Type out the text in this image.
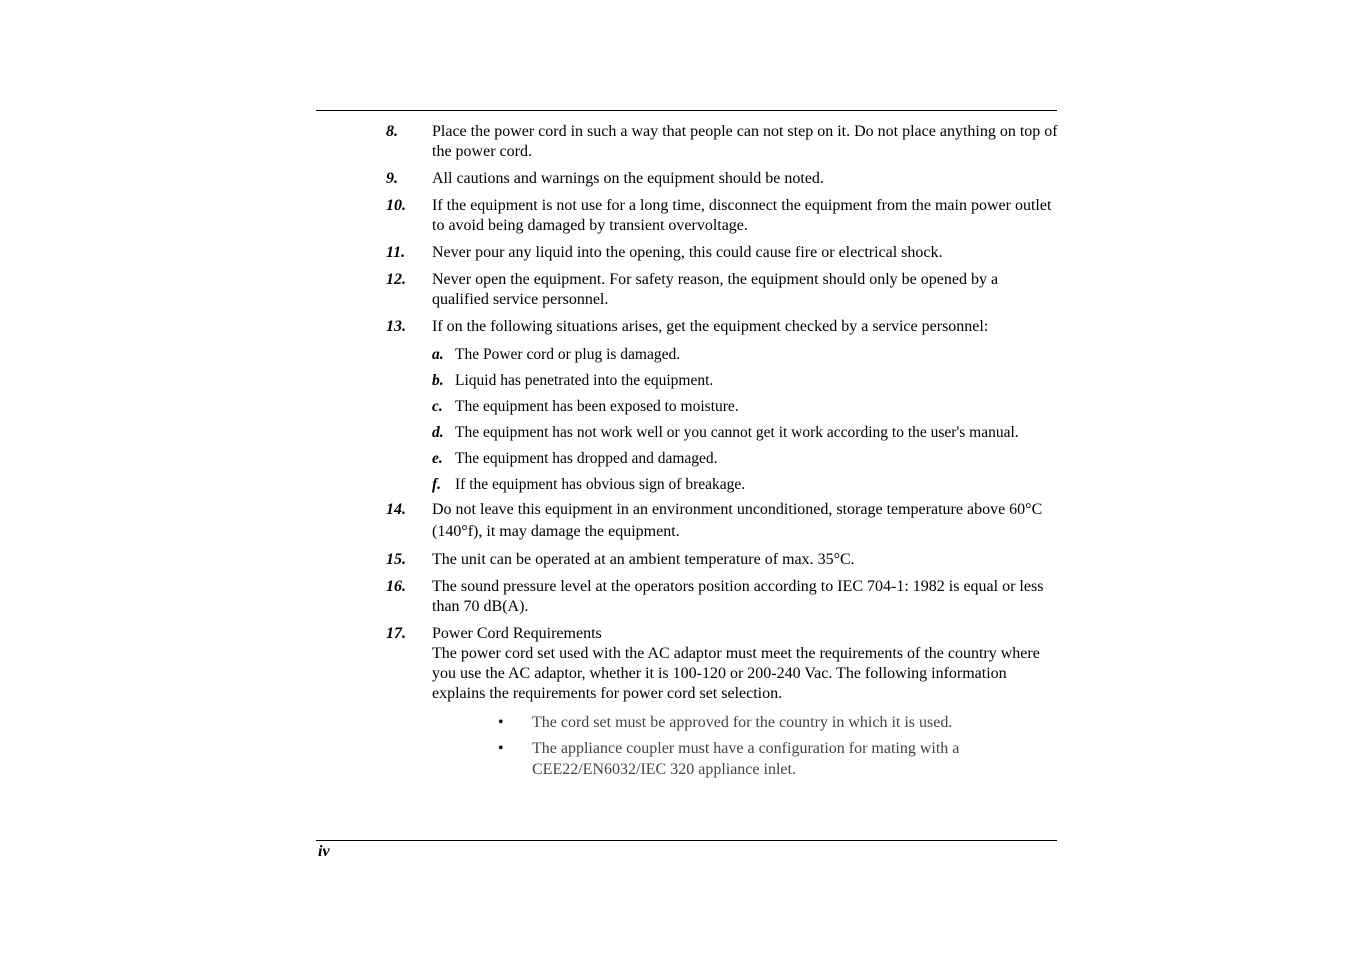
8. Place the power cord in such a way that people can not step on it. Do not place anything on top of the power cord.
9. All cautions and warnings on the equipment should be noted.
10. If the equipment is not use for a long time, disconnect the equipment from the main power outlet to avoid being damaged by transient overvoltage.
11. Never pour any liquid into the opening, this could cause fire or electrical shock.
12. Never open the equipment. For safety reason, the equipment should only be opened by a qualified service personnel.
13. If on the following situations arises, get the equipment checked by a service personnel:
a. The Power cord or plug is damaged.
b. Liquid has penetrated into the equipment.
c. The equipment has been exposed to moisture.
d. The equipment has not work well or you cannot get it work according to the user's manual.
e. The equipment has dropped and damaged.
f. If the equipment has obvious sign of breakage.
14. Do not leave this equipment in an environment unconditioned, storage temperature above 60°C (140°f), it may damage the equipment.
15. The unit can be operated at an ambient temperature of max. 35°C.
16. The sound pressure level at the operators position according to IEC 704-1: 1982 is equal or less than 70 dB(A).
17. Power Cord Requirements
The power cord set used with the AC adaptor must meet the requirements of the country where you use the AC adaptor, whether it is 100-120 or 200-240 Vac. The following information explains the requirements for power cord set selection.
• The cord set must be approved for the country in which it is used.
• The appliance coupler must have a configuration for mating with a CEE22/EN6032/IEC 320 appliance inlet.
iv
